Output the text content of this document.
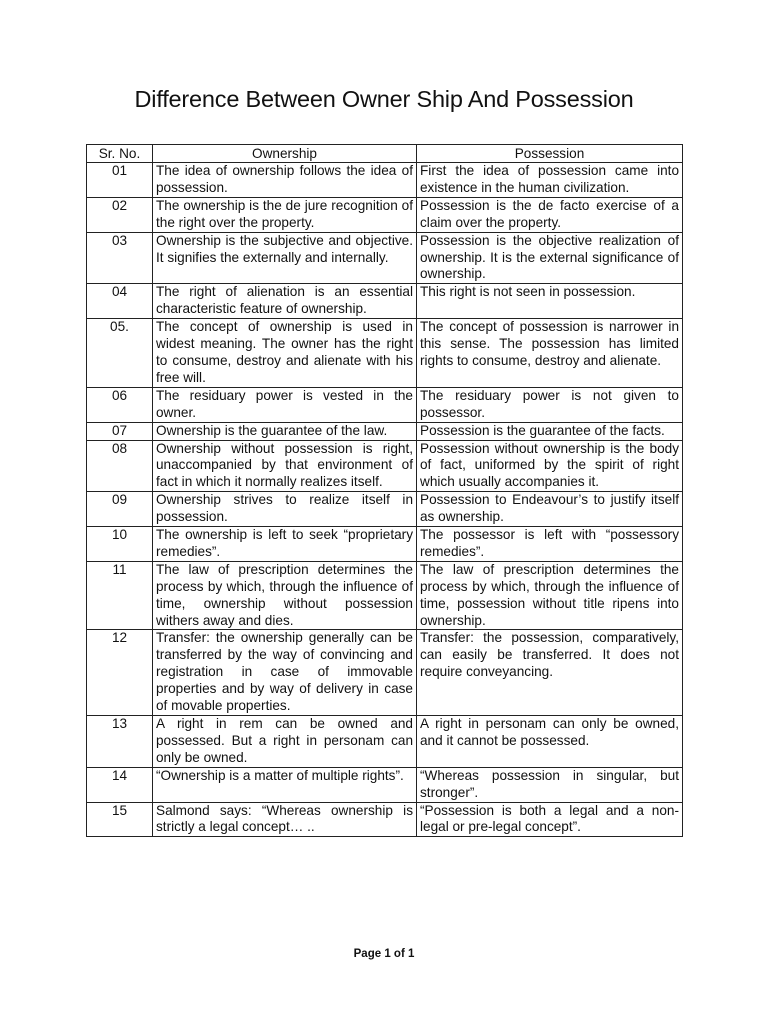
Difference Between Owner Ship And Possession
Sr. No.	Ownership	Possession
01	The idea of ownership follows the idea of possession.	First the idea of possession came into existence in the human civilization.
02	The ownership is the de jure recognition of the right over the property.	Possession is the de facto exercise of a claim over the property.
03	Ownership is the subjective and objective. It signifies the externally and internally.	Possession is the objective realization of ownership. It is the external significance of ownership.
04	The right of alienation is an essential characteristic feature of ownership.	This right is not seen in possession.
05.	The concept of ownership is used in widest meaning. The owner has the right to consume, destroy and alienate with his free will.	The concept of possession is narrower in this sense. The possession has limited rights to consume, destroy and alienate.
06	The residuary power is vested in the owner.	The residuary power is not given to possessor.
07	Ownership is the guarantee of the law.	Possession is the guarantee of the facts.
08	Ownership without possession is right, unaccompanied by that environment of fact in which it normally realizes itself.	Possession without ownership is the body of fact, uniformed by the spirit of right which usually accompanies it.
09	Ownership strives to realize itself in possession.	Possession to Endeavour’s to justify itself as ownership.
10	The ownership is left to seek “proprietary remedies”.	The possessor is left with “possessory remedies”.
11	The law of prescription determines the process by which, through the influence of time, ownership without possession withers away and dies.	The law of prescription determines the process by which, through the influence of time, possession without title ripens into ownership.
12	Transfer: the ownership generally can be transferred by the way of convincing and registration in case of immovable properties and by way of delivery in case of movable properties.	Transfer: the possession, comparatively, can easily be transferred. It does not require conveyancing.
13	A right in rem can be owned and possessed. But a right in personam can only be owned.	A right in personam can only be owned, and it cannot be possessed.
14	“Ownership is a matter of multiple rights”.	“Whereas possession in singular, but stronger”.
15	Salmond says: “Whereas ownership is strictly a legal concept… ..	“Possession is both a legal and a non-legal or pre-legal concept”.
Page 1 of 1
